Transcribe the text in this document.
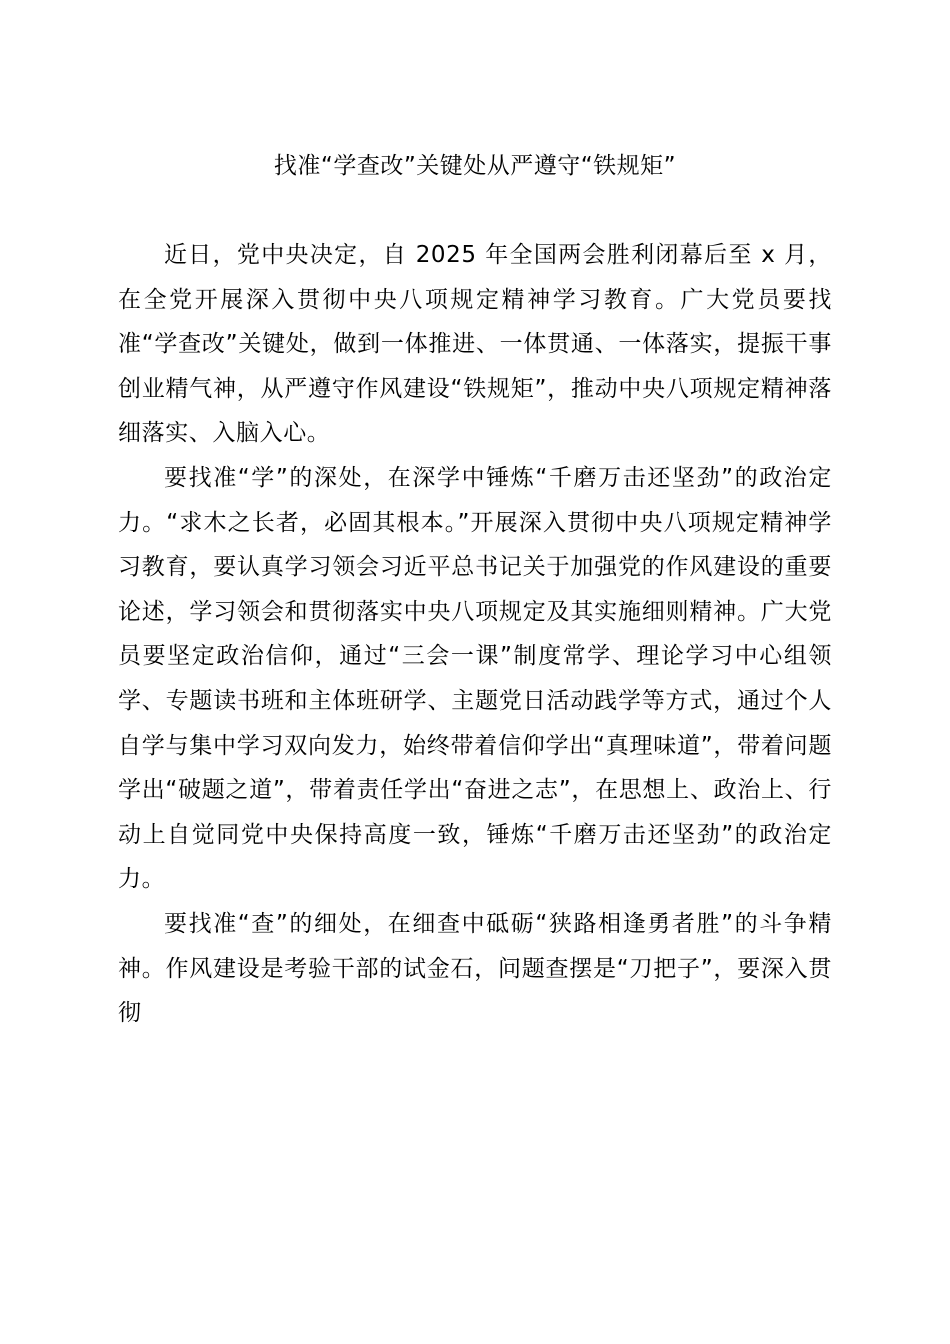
找准“学查改”关键处从严遵守“铁规矩”

近日，党中央决定，自 2025 年全国两会胜利闭幕后至 x 月，在全党开展深入贯彻中央八项规定精神学习教育。广大党员要找准“学查改”关键处，做到一体推进、一体贯通、一体落实，提振干事创业精气神，从严遵守作风建设“铁规矩”，推动中央八项规定精神落细落实、入脑入心。

要找准“学”的深处，在深学中锤炼“千磨万击还坚劲”的政治定力。“求木之长者，必固其根本。”开展深入贯彻中央八项规定精神学习教育，要认真学习领会习近平总书记关于加强党的作风建设的重要论述，学习领会和贯彻落实中央八项规定及其实施细则精神。广大党员要坚定政治信仰，通过“三会一课”制度常学、理论学习中心组领学、专题读书班和主体班研学、主题党日活动践学等方式，通过个人自学与集中学习双向发力，始终带着信仰学出“真理味道”，带着问题学出“破题之道”，带着责任学出“奋进之志”，在思想上、政治上、行动上自觉同党中央保持高度一致，锤炼“千磨万击还坚劲”的政治定力。

要找准“查”的细处，在细查中砥砺“狭路相逢勇者胜”的斗争精神。作风建设是考验干部的试金石，问题查摆是“刀把子”，要深入贯彻
